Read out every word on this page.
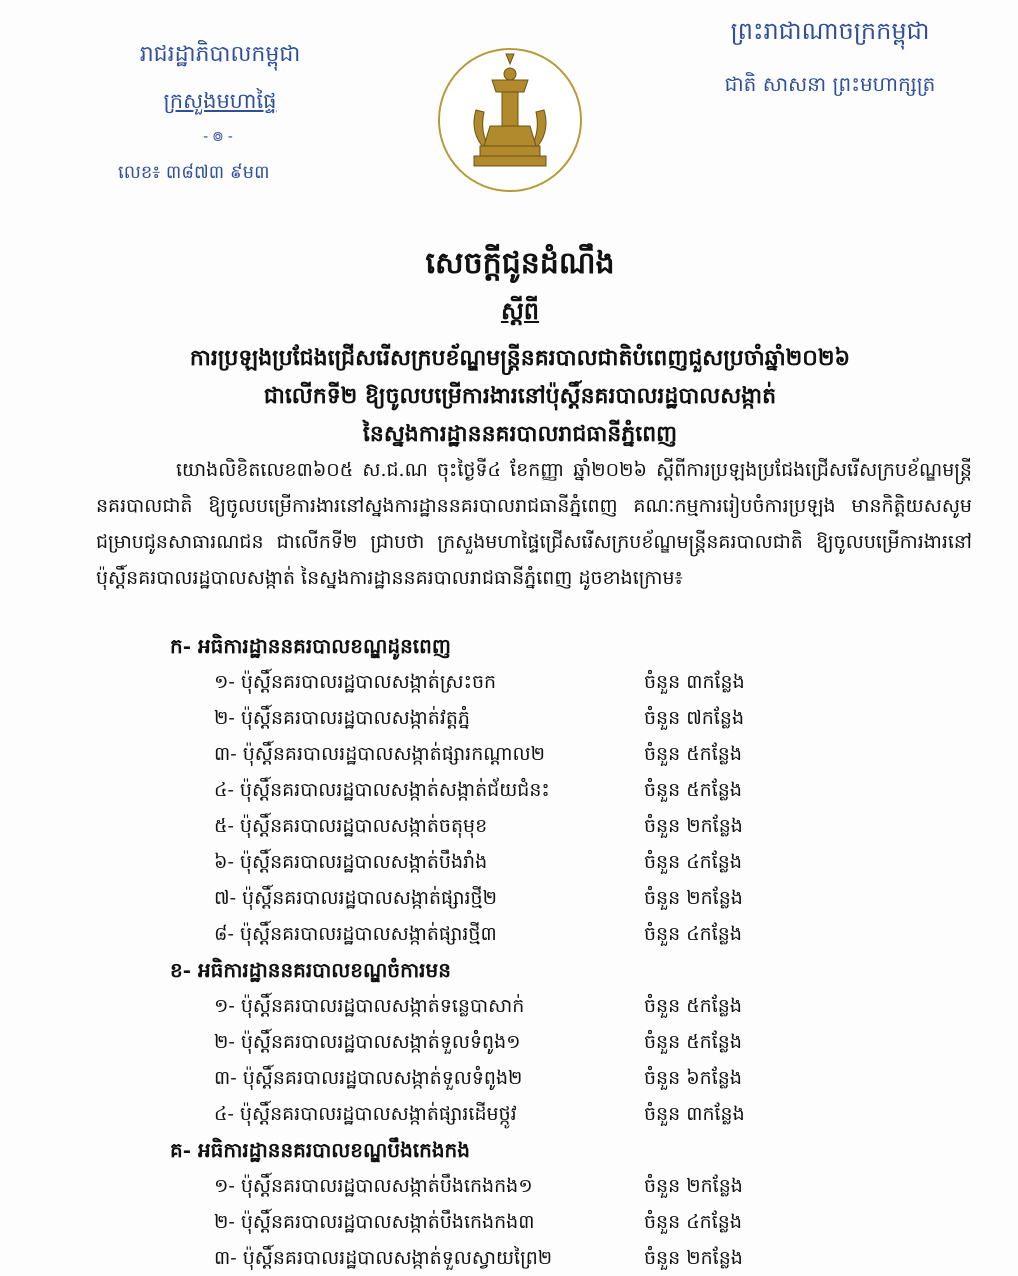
រាជរដ្ឋាភិបាលកម្ពុជា
ក្រសួងមហាផ្ទៃ
-៙-
លេខ៖ ៣៨៧៣ ៩ម៣
ព្រះរាជាណាចក្រកម្ពុជា
ជាតិ សាសនា ព្រះមហាក្សត្រ
សេចក្ដីជូនដំណឹង
ស្ដីពី
ការប្រឡងប្រជែងជ្រើសរើសក្របខ័ណ្ឌមន្ត្រីនគរបាលជាតិបំពេញជួសប្រចាំឆ្នាំ២០២៦
ជាលើកទី២ ឱ្យចូលបម្រើការងារនៅប៉ុស្តិ៍នគរបាលរដ្ឋបាលសង្កាត់
នៃស្នងការដ្ឋាននគរបាលរាជធានីភ្នំពេញ
យោងលិខិតលេខ៣៦០៥ ស.ជ.ណ ចុះថ្ងៃទី៤ ខែកញ្ញា ឆ្នាំ២០២៦ ស្ដីពីការប្រឡងប្រជែងជ្រើសរើសក្របខ័ណ្ឌមន្ត្រីនគរបាលជាតិ ឱ្យចូលបម្រើការងារនៅស្នងការដ្ឋាននគរបាលរាជធានីភ្នំពេញ គណៈកម្មការរៀបចំការប្រឡង មានកិត្តិយសសូមជម្រាបជូនសាធារណជន ជាលើកទី២ ជ្រាបថា ក្រសួងមហាផ្ទៃជ្រើសរើសក្របខ័ណ្ឌមន្ត្រីនគរបាលជាតិ ឱ្យចូលបម្រើការងារនៅប៉ុស្តិ៍នគរបាលរដ្ឋបាលសង្កាត់ នៃស្នងការដ្ឋាននគរបាលរាជធានីភ្នំពេញ ដូចខាងក្រោម៖
ក- អធិការដ្ឋាននគរបាលខណ្ឌដូនពេញ
១- ប៉ុស្តិ៍នគរបាលរដ្ឋបាលសង្កាត់ស្រះចក	ចំនួន ៣កន្លែង
២- ប៉ុស្តិ៍នគរបាលរដ្ឋបាលសង្កាត់វត្តភ្នំ	ចំនួន ៧កន្លែង
៣- ប៉ុស្តិ៍នគរបាលរដ្ឋបាលសង្កាត់ផ្សារកណ្ដាល២	ចំនួន ៥កន្លែង
៤- ប៉ុស្តិ៍នគរបាលរដ្ឋបាលសង្កាត់សង្កាត់ជ័យជំនះ	ចំនួន ៥កន្លែង
៥- ប៉ុស្តិ៍នគរបាលរដ្ឋបាលសង្កាត់ចតុមុខ	ចំនួន ២កន្លែង
៦- ប៉ុស្តិ៍នគរបាលរដ្ឋបាលសង្កាត់បឹងរាំង	ចំនួន ៤កន្លែង
៧- ប៉ុស្តិ៍នគរបាលរដ្ឋបាលសង្កាត់ផ្សារថ្មី២	ចំនួន ២កន្លែង
៨- ប៉ុស្តិ៍នគរបាលរដ្ឋបាលសង្កាត់ផ្សារថ្មី៣	ចំនួន ៤កន្លែង
ខ- អធិការដ្ឋាននគរបាលខណ្ឌចំការមន
១- ប៉ុស្តិ៍នគរបាលរដ្ឋបាលសង្កាត់ទន្លេបាសាក់	ចំនួន ៥កន្លែង
២- ប៉ុស្តិ៍នគរបាលរដ្ឋបាលសង្កាត់ទួលទំពូង១	ចំនួន ៥កន្លែង
៣- ប៉ុស្តិ៍នគរបាលរដ្ឋបាលសង្កាត់ទួលទំពូង២	ចំនួន ៦កន្លែង
៤- ប៉ុស្តិ៍នគរបាលរដ្ឋបាលសង្កាត់ផ្សារដើមថ្កូវ	ចំនួន ៣កន្លែង
គ- អធិការដ្ឋាននគរបាលខណ្ឌបឹងកេងកង
១- ប៉ុស្តិ៍នគរបាលរដ្ឋបាលសង្កាត់បឹងកេងកង១	ចំនួន ២កន្លែង
២- ប៉ុស្តិ៍នគរបាលរដ្ឋបាលសង្កាត់បឹងកេងកង៣	ចំនួន ៤កន្លែង
៣- ប៉ុស្តិ៍នគរបាលរដ្ឋបាលសង្កាត់ទួលស្វាយព្រៃ២	ចំនួន ២កន្លែង
